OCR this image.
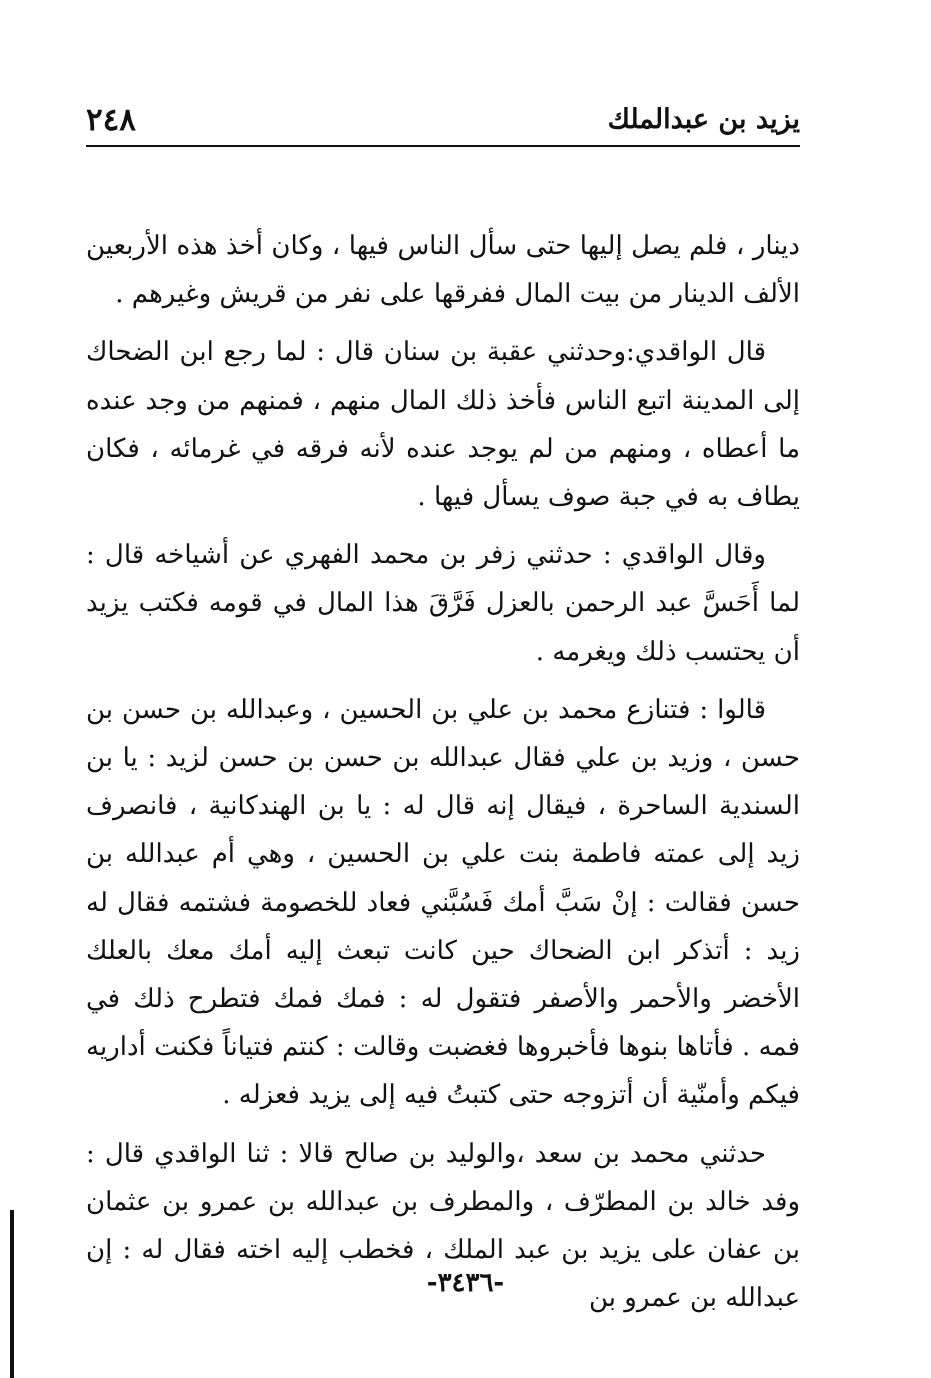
٢٤٨	يزيد بن عبدالملك

دينار ، فلم يصل إليها حتى سأل الناس فيها ، وكان أخذ هذه الأربعين الألف الدينار من بيت المال ففرقها على نفر من قريش وغيرهم .

قال الواقدي:وحدثني عقبة بن سنان قال : لما رجع ابن الضحاك إلى المدينة اتبع الناس فأخذ ذلك المال منهم ، فمنهم من وجد عنده ما أعطاه ، ومنهم من لم يوجد عنده لأنه فرقه في غرمائه ، فكان يطاف به في جبة صوف يسأل فيها .

وقال الواقدي : حدثني زفر بن محمد الفهري عن أشياخه قال : لما أَحَسَّ عبد الرحمن بالعزل فَرَّقَ هذا المال في قومه فكتب يزيد أن يحتسب ذلك ويغرمه .

قالوا : فتنازع محمد بن علي بن الحسين ، وعبدالله بن حسن بن حسن ، وزيد بن علي فقال عبدالله بن حسن بن حسن لزيد : يا بن السندية الساحرة ، فيقال إنه قال له : يا بن الهندكانية ، فانصرف زيد إلى عمته فاطمة بنت علي بن الحسين ، وهي أم عبدالله بن حسن فقالت : إنْ سَبَّ أمك فَسُبَّني فعاد للخصومة فشتمه فقال له زيد : أتذكر ابن الضحاك حين كانت تبعث إليه أمك معك بالعلك الأخضر والأحمر والأصفر فتقول له : فمك فمك فتطرح ذلك في فمه . فأتاها بنوها فأخبروها فغضبت وقالت : كنتم فتياناً فكنت أداريه فيكم وأمنّية أن أتزوجه حتى كتبتُ فيه إلى يزيد فعزله .

حدثني محمد بن سعد ،والوليد بن صالح قالا : ثنا الواقدي قال : وفد خالد بن المطرّف ، والمطرف بن عبدالله بن عمرو بن عثمان بن عفان على يزيد بن عبد الملك ، فخطب إليه اخته فقال له : إن عبدالله بن عمرو بن

-٣٤٣٦-
